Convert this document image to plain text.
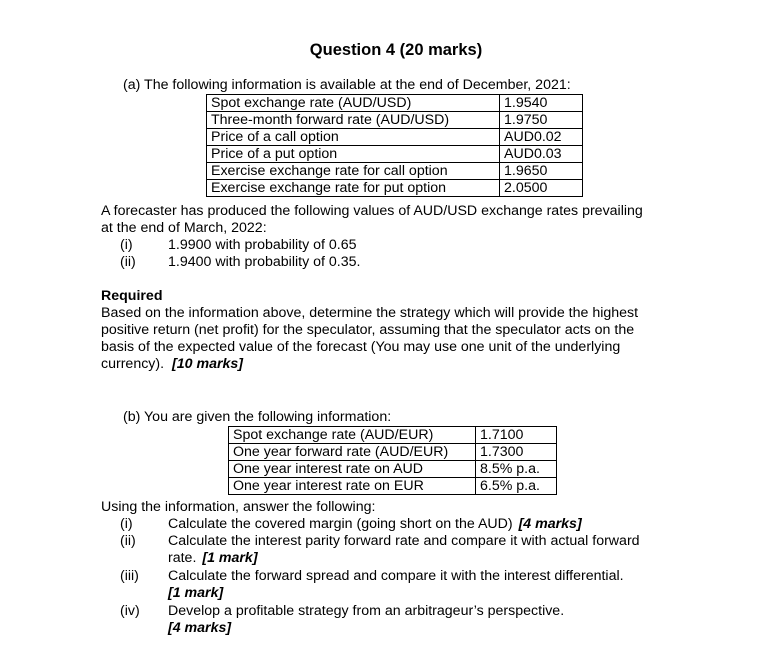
Question 4 (20 marks)
(a) The following information is available at the end of December, 2021:
Spot exchange rate (AUD/USD)	1.9540
Three-month forward rate (AUD/USD)	1.9750
Price of a call option	AUD0.02
Price of a put option	AUD0.03
Exercise exchange rate for call option	1.9650
Exercise exchange rate for put option	2.0500
A forecaster has produced the following values of AUD/USD exchange rates prevailing
at the end of March, 2022:
(i) 1.9900 with probability of 0.65
(ii) 1.9400 with probability of 0.35.
Required
Based on the information above, determine the strategy which will provide the highest
positive return (net profit) for the speculator, assuming that the speculator acts on the
basis of the expected value of the forecast (You may use one unit of the underlying
currency). [10 marks]
(b) You are given the following information:
Spot exchange rate (AUD/EUR)	1.7100
One year forward rate (AUD/EUR)	1.7300
One year interest rate on AUD	8.5% p.a.
One year interest rate on EUR	6.5% p.a.
Using the information, answer the following:
(i) Calculate the covered margin (going short on the AUD) [4 marks]
(ii) Calculate the interest parity forward rate and compare it with actual forward
rate. [1 mark]
(iii) Calculate the forward spread and compare it with the interest differential.
[1 mark]
(iv) Develop a profitable strategy from an arbitrageur’s perspective.
[4 marks]
